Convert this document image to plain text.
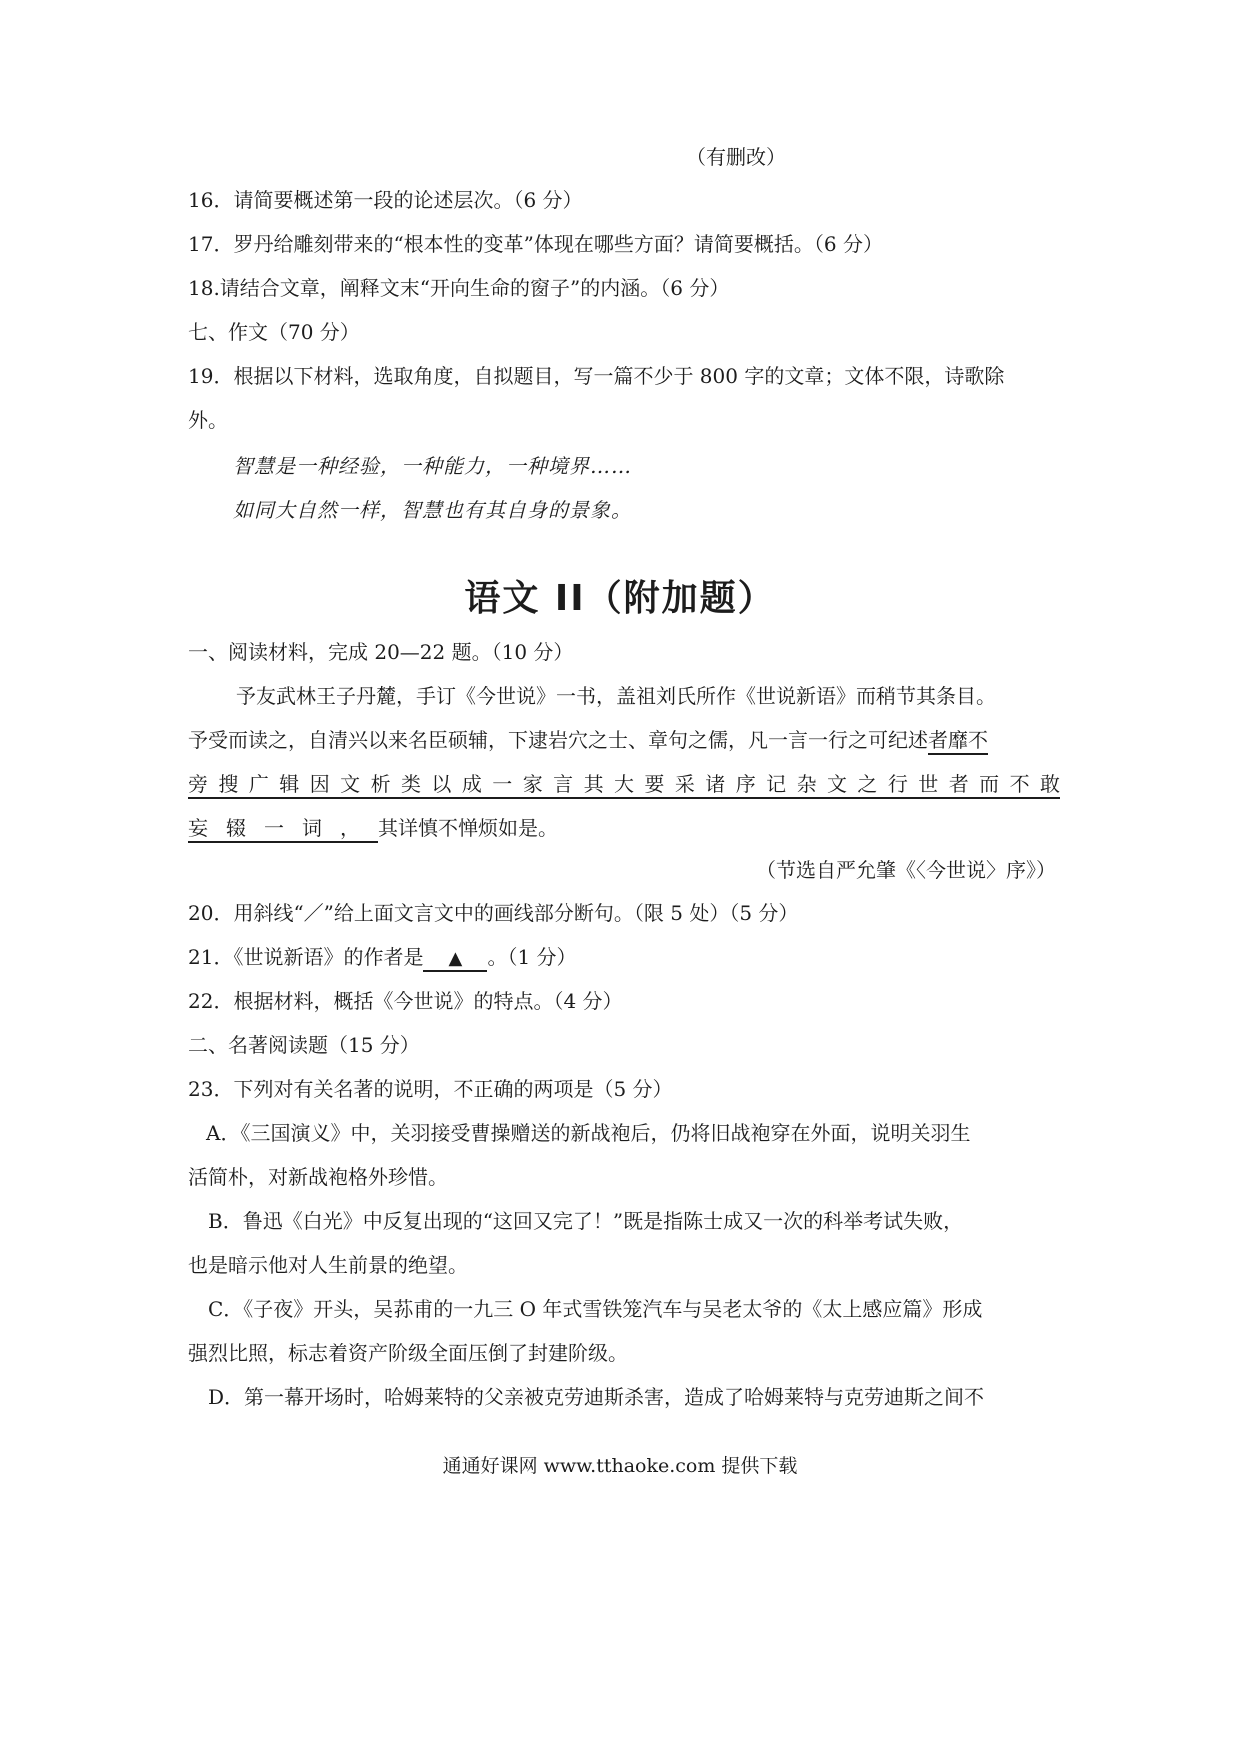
（有删改）
16．请简要概述第一段的论述层次。（6 分）
17．罗丹给雕刻带来的“根本性的变革”体现在哪些方面？请简要概括。（6 分）
18.请结合文章，阐释文末“开向生命的窗子”的内涵。（6 分）
七、作文（70 分）
19．根据以下材料，选取角度，自拟题目，写一篇不少于 800 字的文章；文体不限，诗歌除
外。
智慧是一种经验，一种能力，一种境界……
如同大自然一样，智慧也有其自身的景象。
语文 II（附加题）
一、阅读材料，完成 20—22 题。（10 分）
予友武林王子丹麓，手订《今世说》一书，盖祖刘氏所作《世说新语》而稍节其条目。
予受而读之，自清兴以来名臣硕辅，下逮岩穴之士、章句之儒，凡一言一行之可纪述者靡不
旁搜广辑因文析类以成一家言其大要采诸序记杂文之行世者而不敢
妄辍一词，其详慎不惮烦如是。
（节选自严允肇《〈今世说〉序》）
20．用斜线“／”给上面文言文中的画线部分断句。（限 5 处）（5 分）
21．《世说新语》的作者是 ▲ 。（1 分）
22．根据材料，概括《今世说》的特点。（4 分）
二、名著阅读题（15 分）
23．下列对有关名著的说明，不正确的两项是（5 分）
A．《三国演义》中，关羽接受曹操赠送的新战袍后，仍将旧战袍穿在外面，说明关羽生
活简朴，对新战袍格外珍惜。
B．鲁迅《白光》中反复出现的“这回又完了！”既是指陈士成又一次的科举考试失败，
也是暗示他对人生前景的绝望。
C．《子夜》开头，吴荪甫的一九三 O 年式雪铁笼汽车与吴老太爷的《太上感应篇》形成
强烈比照，标志着资产阶级全面压倒了封建阶级。
D．第一幕开场时，哈姆莱特的父亲被克劳迪斯杀害，造成了哈姆莱特与克劳迪斯之间不
通通好课网 www.tthaoke.com 提供下载
